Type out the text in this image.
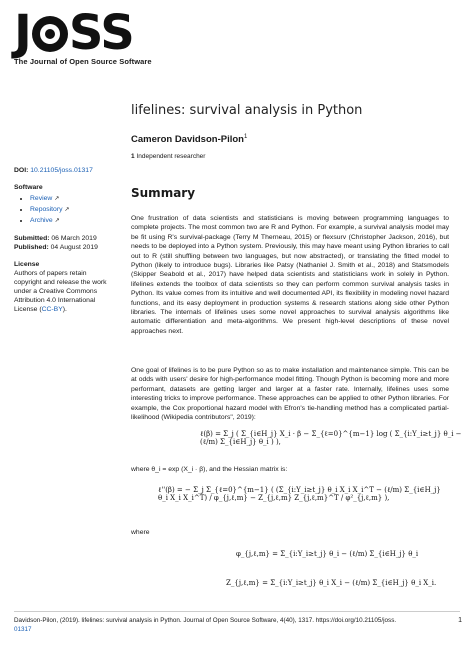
J SS
The Journal of Open Source Software
lifelines: survival analysis in Python
Cameron Davidson-Pilon$^1$
1 Independent researcher
DOI: 10.21105/joss.01317
Software
• Review ↗
• Repository ↗
• Archive ↗
Submitted: 06 March 2019
Published: 04 August 2019
License
Authors of papers retain copyright and release the work under a Creative Commons Attribution 4.0 International License (CC-BY).
Summary
One frustration of data scientists and statisticians is moving between programming languages to complete projects. The most common two are R and Python. For example, a survival analysis model may be fit using R's survival-package (Terry M Therneau, 2015) or flexsurv (Christopher Jackson, 2016), but needs to be deployed into a Python system. Previously, this may have meant using Python libraries to call out to R (still shuffling between two languages, but now abstracted), or translating the fitted model to Python (likely to introduce bugs). Libraries like Patsy (Nathaniel J. Smith et al., 2018) and Statsmodels (Skipper Seabold et al., 2017) have helped data scientists and statisticians work in solely in Python. lifelines extends the toolbox of data scientists so they can perform common survival analysis tasks in Python. Its value comes from its intuitive and well documented API, its flexibility in modeling novel hazard functions, and its easy deployment in production systems & research stations along side other Python libraries. The internals of lifelines uses some novel approaches to survival analysis algorithms like automatic differentiation and meta-algorithms. We present high-level descriptions of these novel approaches next.
One goal of lifelines is to be pure Python so as to make installation and maintenance simple. This can be at odds with users' desire for high-performance model fitting. Though Python is becoming more and more performant, datasets are getting larger and larger at a faster rate. Internally, lifelines uses some interesting tricks to improve performance. These approaches can be applied to other Python libraries. For example, the Cox proportional hazard model with Efron's tie-handling method has a complicated partial-likelihood (Wikipedia contributors", 2019):
ℓ(β) = Σ_j ( Σ_{i∈H_j} X_i · β − Σ_{ℓ=0}^{m−1} log ( Σ_{i:Y_i≥t_j} θ_i − (ℓ/m) Σ_{i∈H_j} θ_i ) ),
where θ_i = exp (X_i · β), and the Hessian matrix is:
ℓ''(β) = − Σ_j Σ_{ℓ=0}^{m−1} ( (Σ_{i:Y_i≥t_j} θ_i X_i X_i^T − (ℓ/m) Σ_{i∈H_j} θ_i X_i X_i^T) / φ_{j,ℓ,m} − Z_{j,ℓ,m} Z_{j,ℓ,m}^T / φ²_{j,ℓ,m} ),
where
φ_{j,ℓ,m} = Σ_{i:Y_i≥t_j} θ_i − (ℓ/m) Σ_{i∈H_j} θ_i
Z_{j,ℓ,m} = Σ_{i:Y_i≥t_j} θ_i X_i − (ℓ/m) Σ_{i∈H_j} θ_i X_i.
Davidson-Pilon, (2019). lifelines: survival analysis in Python. Journal of Open Source Software, 4(40), 1317. https://doi.org/10.21105/joss.
01317
1
